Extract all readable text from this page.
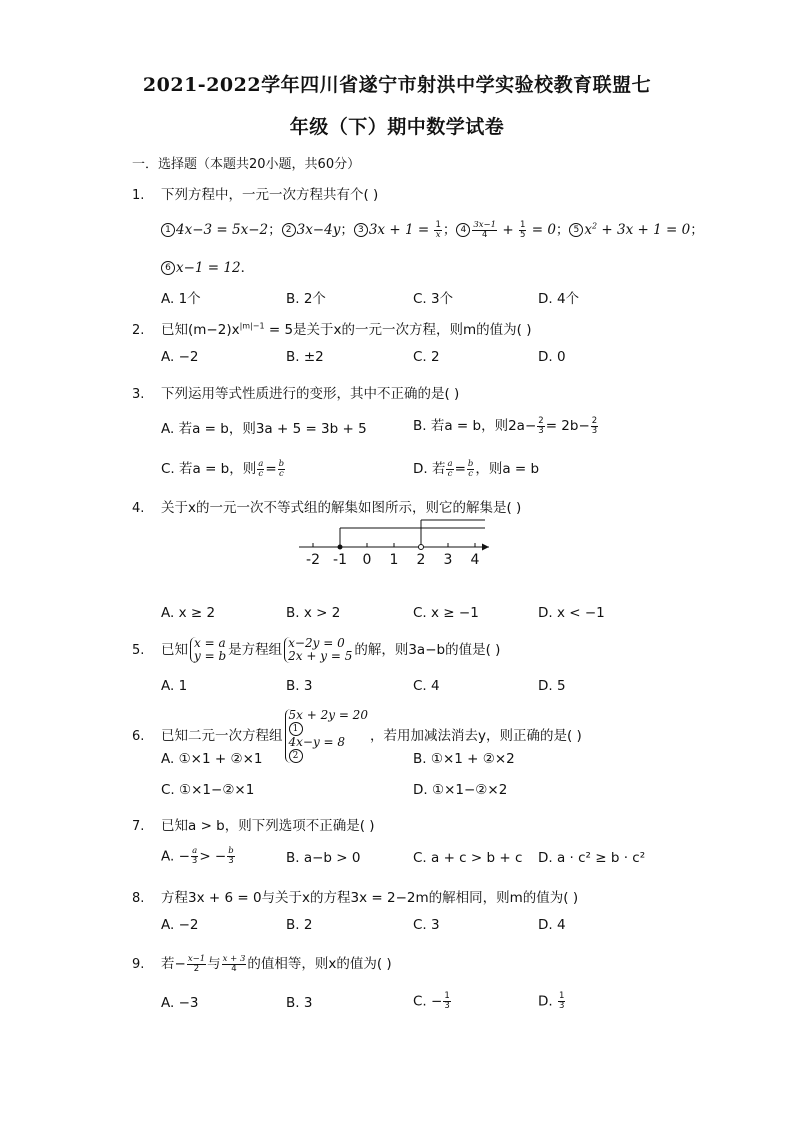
2021-2022学年四川省遂宁市射洪中学实验校教育联盟七
年级（下）期中数学试卷
一．选择题（本题共20小题，共60分）
1. 下列方程中，一元一次方程共有个( )
1 4x−3 = 5x−2； 2 3x−4y； 3 $3x + 1 = \frac{1}{x}$ ； $4 \frac{3x-1}{4} + \frac{1}{5} = 0$； 5 $x^2 + 3x + 1 = 0$；
6 x−1 = 12．
A. 1个	B. 2个	C. 3个	D. 4个
2. 已知$(m-2)x^{|m|-1} = 5$是关于x的一元一次方程，则m的值为( )
A. −2	B. ±2	C. 2	D. 0
3. 下列运用等式性质进行的变形，其中不正确的是( )
A. 若a = b，则3a + 5 = 3b + 5	B. 若a = b，则$2a- \frac{2}{3} = 2b- \frac{2}{3}$
C. 若a = b，则 $\frac{a}{c} = \frac{b}{c}$	D. 若 $\frac{a}{c} = \frac{b}{c}$ ，则a = b
4. 关于x的一元一次不等式组的解集如图所示，则它的解集是( )
-2 -1 0 1 2 3 4
A. x ≥ 2	B. x > 2	C. x ≥ −1	D. x < −1
5. 已知 x = a
y = b 是方程组 x−2y = 0
2x + y = 5 的解，则3a−b的值是( )
A. 1	B. 3	C. 4	D. 5
6. 已知二元一次方程组
5x + 2y = 20
1
4x−y = 8
2
，若用加减法消去y，则正确的是( )
A. ①×1 + ②×1	B. ①×1 + ②×2
C. ①×1−②×1	D. ①×1−②×2
7. 已知a > b，则下列选项不正确是( )
A. − $\frac{a}{3}$ > − $\frac{b}{3}$	B. a−b > 0	C. a + c > b + c D. a · c² ≥ b · c²
8. 方程3x + 6 = 0与关于x的方程3x = 2−2m的解相同，则m的值为( )
A. −2	B. 2	C. 3	D. 4
9. 若− $\frac{x-1}{2}$ 与 $\frac{x + 3}{4}$ 的值相等，则x的值为( )
A. −3	B. 3	C. − $\frac{1}{3}$	D. $\frac{1}{3}$
